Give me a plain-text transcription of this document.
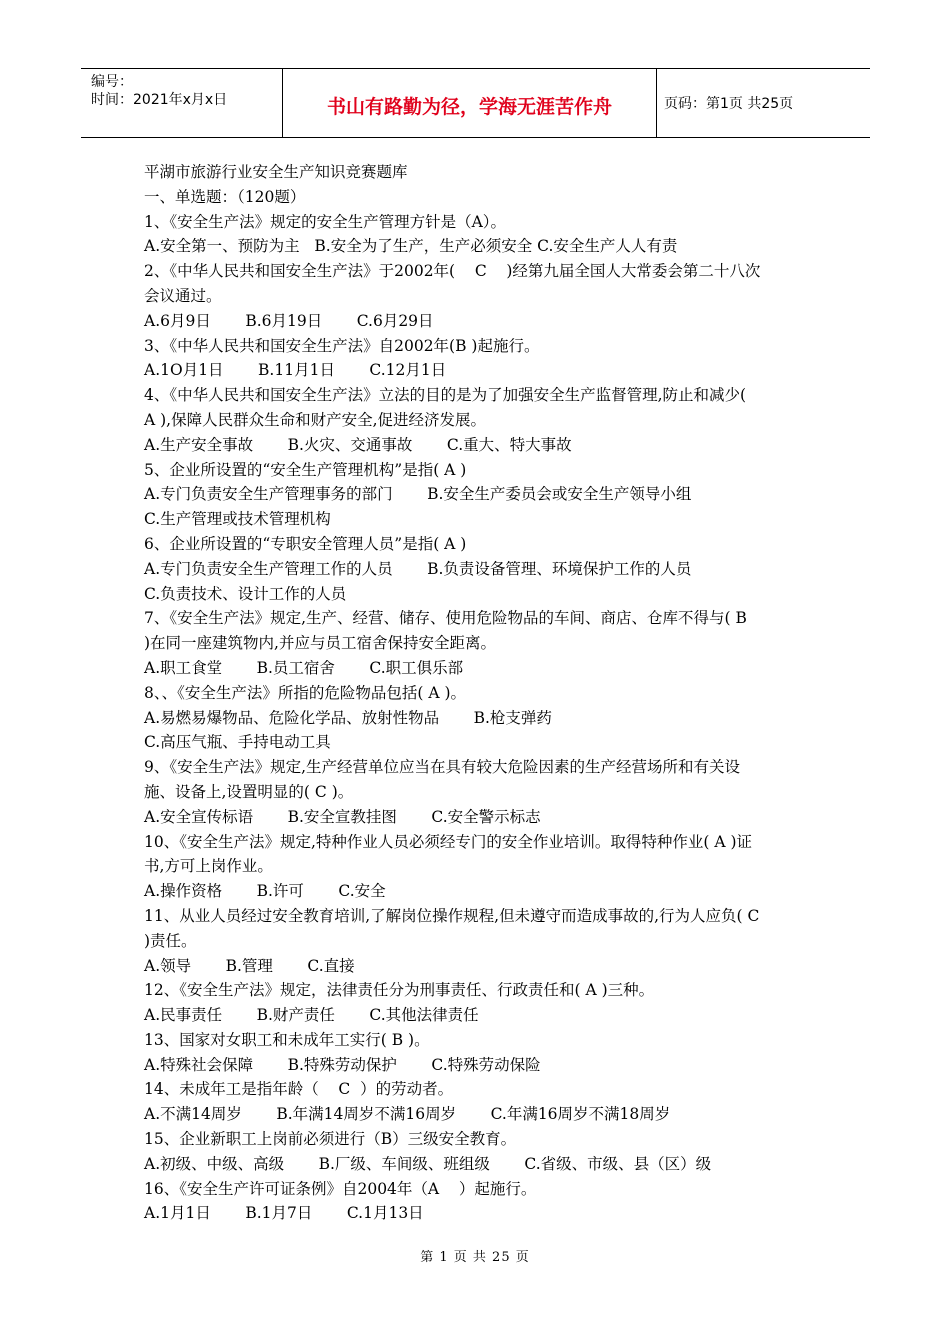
编号：
时间：2021年x月x日	书山有路勤为径，学海无涯苦作舟	页码：第1页 共25页

平湖市旅游行业安全生产知识竞赛题库

一、单选题：（120题）

1、《安全生产法》规定的安全生产管理方针是（A）。

A.安全第一、预防为主   B.安全为了生产，生产必须安全 C.安全生产人人有责

2、《中华人民共和国安全生产法》于2002年(    C    )经第九届全国人大常委会第二十八次

会议通过。

A.6月9日       B.6月19日       C.6月29日

3、《中华人民共和国安全生产法》自2002年(B )起施行。

A.1O月1日       B.11月1日       C.12月1日

4、《中华人民共和国安全生产法》立法的目的是为了加强安全生产监督管理,防止和减少(

A ),保障人民群众生命和财产安全,促进经济发展。

A.生产安全事故       B.火灾、交通事故       C.重大、特大事故

5、企业所设置的“安全生产管理机构”是指( A )

A.专门负责安全生产管理事务的部门       B.安全生产委员会或安全生产领导小组

C.生产管理或技术管理机构

6、企业所设置的“专职安全管理人员”是指( A )

A.专门负责安全生产管理工作的人员       B.负责设备管理、环境保护工作的人员

C.负责技术、设计工作的人员

7、《安全生产法》规定,生产、经营、储存、使用危险物品的车间、商店、仓库不得与( B

)在同一座建筑物内,并应与员工宿舍保持安全距离。

A.职工食堂       B.员工宿舍       C.职工俱乐部

8、、《安全生产法》所指的危险物品包括( A )。

A.易燃易爆物品、危险化学品、放射性物品       B.枪支弹药

C.高压气瓶、手持电动工具

9、《安全生产法》规定,生产经营单位应当在具有较大危险因素的生产经营场所和有关设

施、设备上,设置明显的( C )。

A.安全宣传标语       B.安全宣教挂图       C.安全警示标志

10、《安全生产法》规定,特种作业人员必须经专门的安全作业培训。取得特种作业( A )证

书,方可上岗作业。

A.操作资格       B.许可       C.安全

11、从业人员经过安全教育培训,了解岗位操作规程,但未遵守而造成事故的,行为人应负( C

)责任。

A.领导       B.管理       C.直接

12、《安全生产法》规定，法律责任分为刑事责任、行政责任和( A )三种。

A.民事责任       B.财产责任       C.其他法律责任

13、国家对女职工和未成年工实行( B )。

A.特殊社会保障       B.特殊劳动保护       C.特殊劳动保险

14、未成年工是指年龄（    C  ）的劳动者。

A.不满14周岁       B.年满14周岁不满16周岁       C.年满16周岁不满18周岁

15、企业新职工上岗前必须进行（B）三级安全教育。

A.初级、中级、高级       B.厂级、车间级、班组级       C.省级、市级、县（区）级

16、《安全生产许可证条例》自2004年（A    ）起施行。

A.1月1日       B.1月7日       C.1月13日

第 1 页 共 25 页
